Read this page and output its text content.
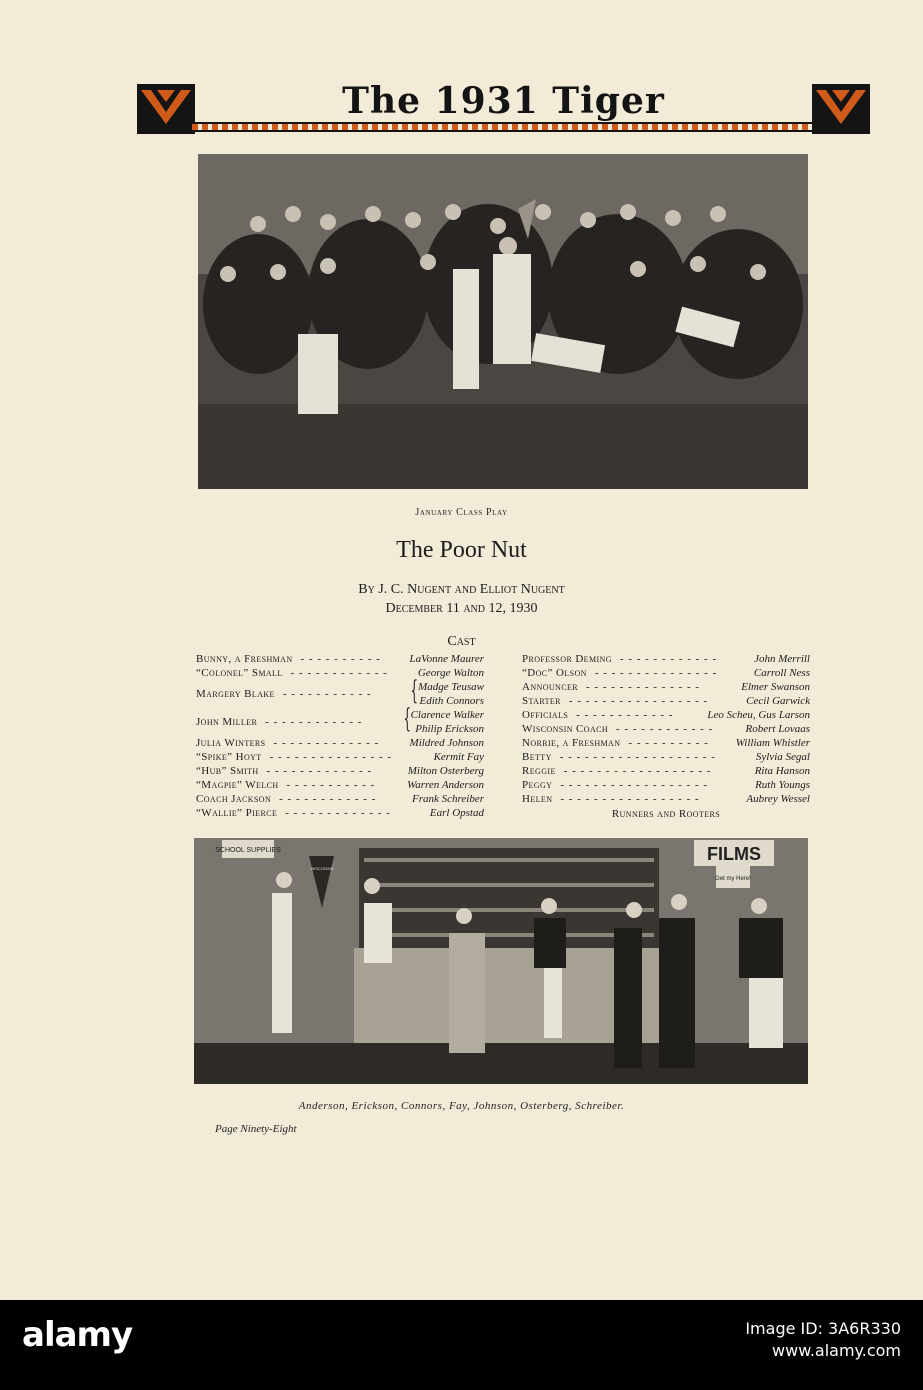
The 1931 Tiger
January Class Play
The Poor Nut
By J. C. Nugent and Elliot Nugent
December 11 and 12, 1930
Cast
“Wallie” Pierce - - - - - - - - - - - - -	Earl Opstad
Coach Jackson - - - - - - - - - - - -	Frank Schreiber
“Magpie” Welch - - - - - - - - - - -	Warren Anderson
“Hub” Smith - - - - - - - - - - - - -	Milton Osterberg
“Spike” Hoyt - - - - - - - - - - - - - - -	Kermit Fay
Julia Winters - - - - - - - - - - - - -	Mildred Johnson
John Miller - - - - - - - - - - - - { Clarence Walker
Philip Erickson
Margery Blake - - - - - - - - - - - { Madge Teusaw
Edith Connors
“Colonel” Small - - - - - - - - - - - -	George Walton
Bunny, a Freshman - - - - - - - - - -	LaVonne Maurer
Helen - - - - - - - - - - - - - - - - -	Aubrey Wessel
Peggy - - - - - - - - - - - - - - - - - -	Ruth Youngs
Reggie - - - - - - - - - - - - - - - - - -	Rita Hanson
Betty - - - - - - - - - - - - - - - - - - -	Sylvia Segal
Norrie, a Freshman - - - - - - - - - - William Whistler
Wisconsin Coach - - - - - - - - - - - -	Robert Lovaas
Officials - - - - - - - - - - - -	Leo Scheu, Gus Larson
Starter - - - - - - - - - - - - - - - - -	Cecil Garwick
Announcer - - - - - - - - - - - - - -	Elmer Swanson
“Doc” Olson - - - - - - - - - - - - - - -	Carroll Ness
Professor Deming - - - - - - - - - - - -	John Merrill
Runners and Rooters
SCHOOL SUPPLIES	FILMS
Get my Here!
WISCONSIN
Anderson, Erickson, Connors, Fay, Johnson, Osterberg, Schreiber.
Page Ninety-Eight
alamy	Image ID: 3A6R330
www.alamy.com
